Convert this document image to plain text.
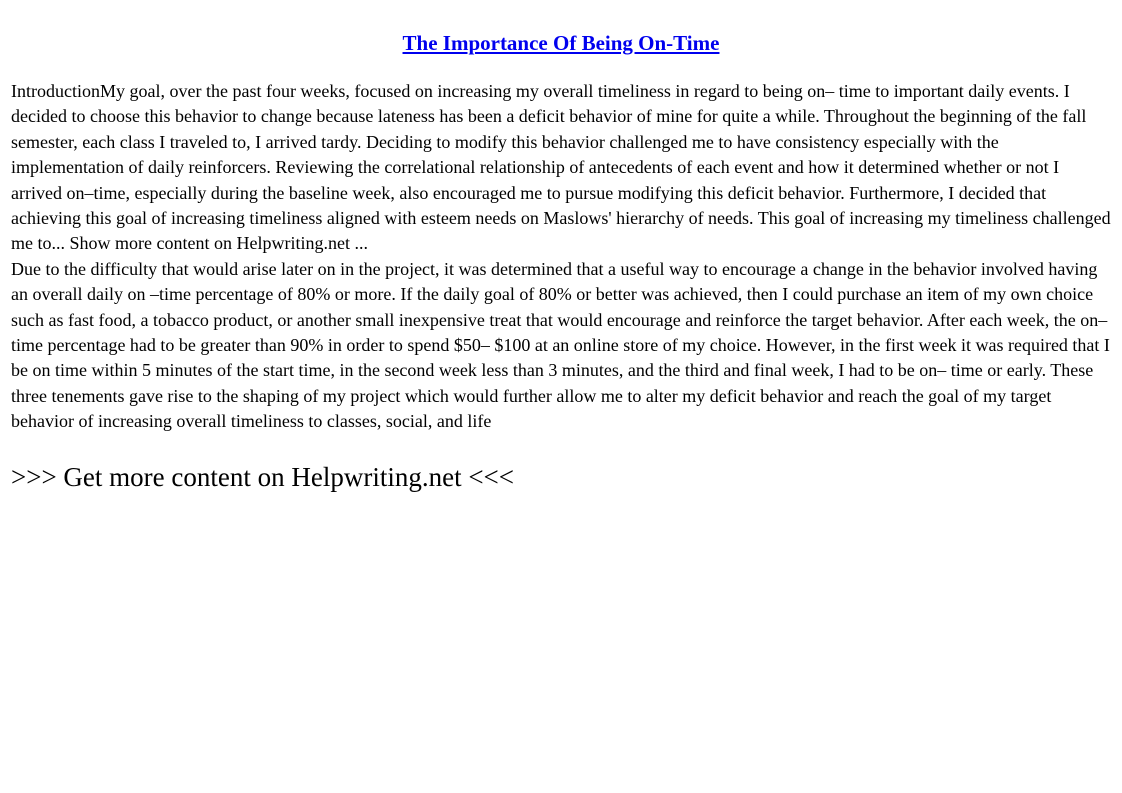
The Importance Of Being On-Time

IntroductionMy goal, over the past four weeks, focused on increasing my overall timeliness in regard to being on– time to important daily events. I decided to choose this behavior to change because lateness has been a deficit behavior of mine for quite a while. Throughout the beginning of the fall semester, each class I traveled to, I arrived tardy. Deciding to modify this behavior challenged me to have consistency especially with the implementation of daily reinforcers. Reviewing the correlational relationship of antecedents of each event and how it determined whether or not I arrived on–time, especially during the baseline week, also encouraged me to pursue modifying this deficit behavior. Furthermore, I decided that achieving this goal of increasing timeliness aligned with esteem needs on Maslows' hierarchy of needs. This goal of increasing my timeliness challenged me to... Show more content on Helpwriting.net ...

Due to the difficulty that would arise later on in the project, it was determined that a useful way to encourage a change in the behavior involved having an overall daily on –time percentage of 80% or more. If the daily goal of 80% or better was achieved, then I could purchase an item of my own choice such as fast food, a tobacco product, or another small inexpensive treat that would encourage and reinforce the target behavior. After each week, the on– time percentage had to be greater than 90% in order to spend $50– $100 at an online store of my choice. However, in the first week it was required that I be on time within 5 minutes of the start time, in the second week less than 3 minutes, and the third and final week, I had to be on– time or early. These three tenements gave rise to the shaping of my project which would further allow me to alter my deficit behavior and reach the goal of my target behavior of increasing overall timeliness to classes, social, and life

>>> Get more content on Helpwriting.net <<<
